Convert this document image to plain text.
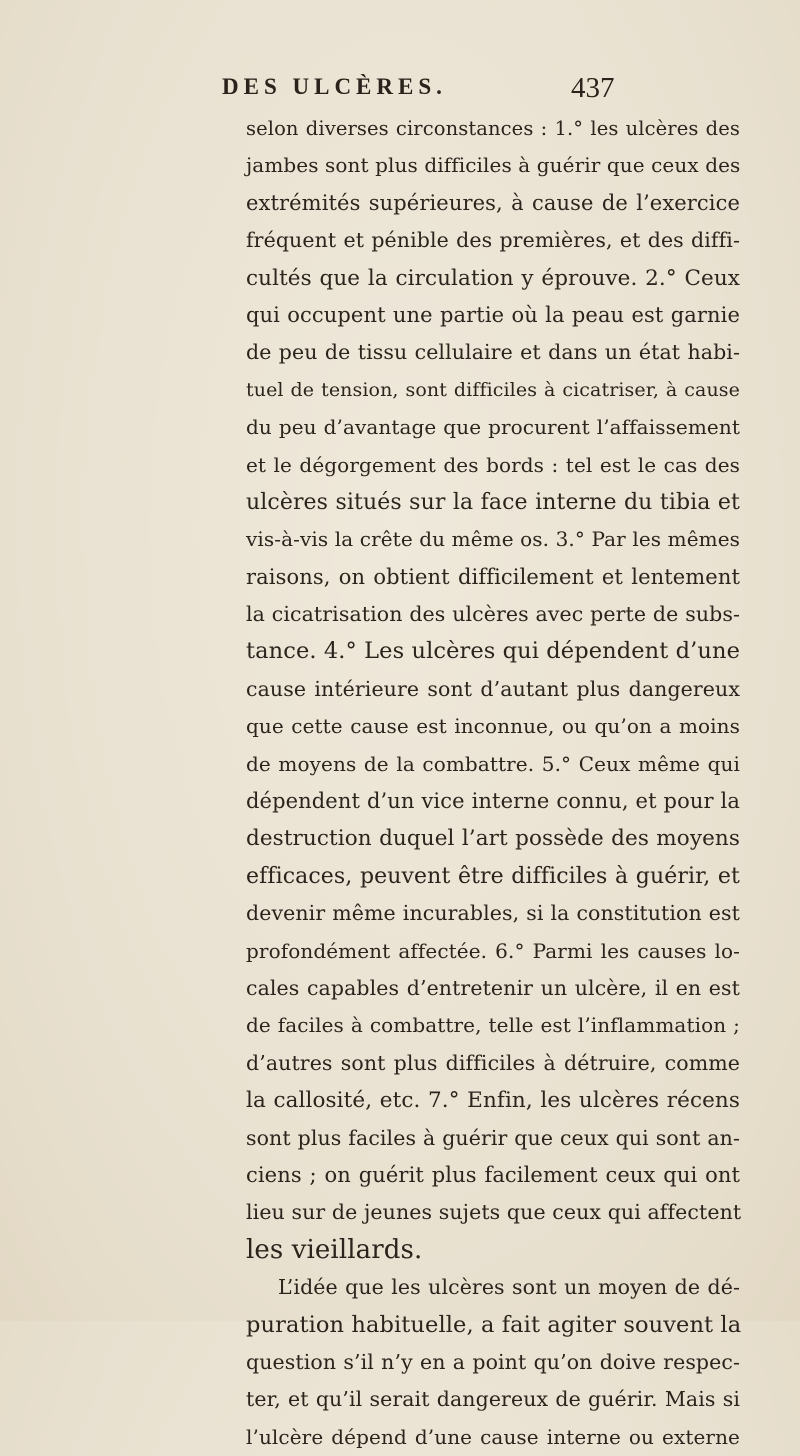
DES ULCÈRES.	437
selon diverses circonstances : 1.° les ulcères des
jambes sont plus difficiles à guérir que ceux des
extrémités supérieures, à cause de l’exercice
fréquent et pénible des premières, et des diffi-
cultés que la circulation y éprouve. 2.° Ceux
qui occupent une partie où la peau est garnie
de peu de tissu cellulaire et dans un état habi-
tuel de tension, sont difficiles à cicatriser, à cause
du peu d’avantage que procurent l’affaissement
et le dégorgement des bords : tel est le cas des
ulcères situés sur la face interne du tibia et
vis-à-vis la crête du même os. 3.° Par les mêmes
raisons, on obtient difficilement et lentement
la cicatrisation des ulcères avec perte de subs-
tance. 4.° Les ulcères qui dépendent d’une
cause intérieure sont d’autant plus dangereux
que cette cause est inconnue, ou qu’on a moins
de moyens de la combattre. 5.° Ceux même qui
dépendent d’un vice interne connu, et pour la
destruction duquel l’art possède des moyens
efficaces, peuvent être difficiles à guérir, et
devenir même incurables, si la constitution est
profondément affectée. 6.° Parmi les causes lo-
cales capables d’entretenir un ulcère, il en est
de faciles à combattre, telle est l’inflammation ;
d’autres sont plus difficiles à détruire, comme
la callosité, etc. 7.° Enfin, les ulcères récens
sont plus faciles à guérir que ceux qui sont an-
ciens ; on guérit plus facilement ceux qui ont
lieu sur de jeunes sujets que ceux qui affectent
les vieillards.
L’idée que les ulcères sont un moyen de dé-
puration habituelle, a fait agiter souvent la
question s’il n’y en a point qu’on doive respec-
ter, et qu’il serait dangereux de guérir. Mais si
l’ulcère dépend d’une cause interne ou externe
